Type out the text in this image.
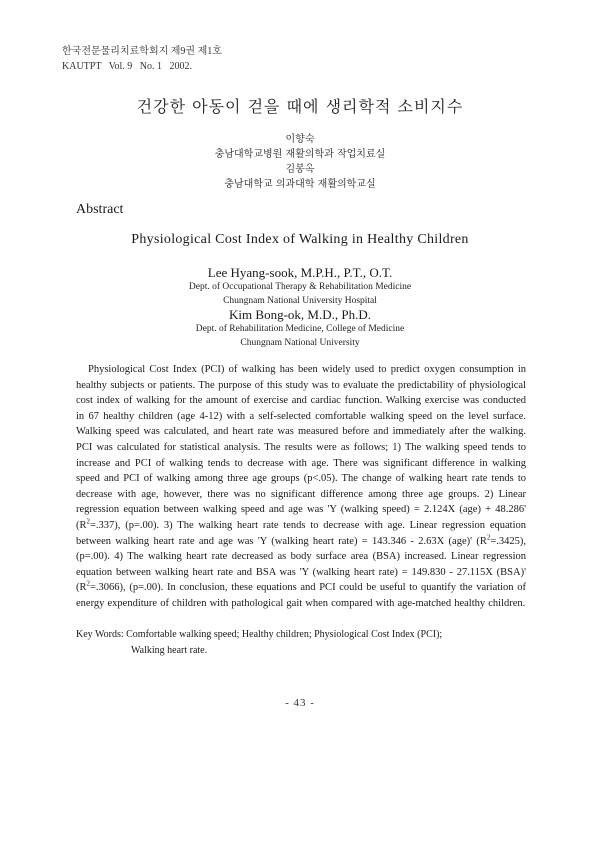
한국전문물리치료학회지 제9권 제1호
KAUTPT   Vol. 9   No. 1   2002.
건강한 아동이 걷을 때에 생리학적 소비지수
이향숙
충남대학교병원 재활의학과 작업치료실
김봉옥
충남대학교 의과대학 재활의학교실
Abstract
Physiological Cost Index of Walking in Healthy Children
Lee Hyang-sook, M.P.H., P.T., O.T.
Dept. of Occupational Therapy & Rehabilitation Medicine
Chungnam National University Hospital
Kim Bong-ok, M.D., Ph.D.
Dept. of Rehabilitation Medicine, College of Medicine
Chungnam National University
Physiological Cost Index (PCI) of walking has been widely used to predict oxygen consumption in healthy subjects or patients. The purpose of this study was to evaluate the predictability of physiological cost index of walking for the amount of exercise and cardiac function. Walking exercise was conducted in 67 healthy children (age 4-12) with a self-selected comfortable walking speed on the level surface. Walking speed was calculated, and heart rate was measured before and immediately after the walking. PCI was calculated for statistical analysis. The results were as follows; 1) The walking speed tends to increase and PCI of walking tends to decrease with age. There was significant difference in walking speed and PCI of walking among three age groups (p<.05). The change of walking heart rate tends to decrease with age, however, there was no significant difference among three age groups. 2) Linear regression equation between walking speed and age was 'Y (walking speed) = 2.124X (age) + 48.286' $(R^2=.337)$, (p=.00). 3) The walking heart rate tends to decrease with age. Linear regression equation between walking heart rate and age was 'Y (walking heart rate) = 143.346 - 2.63X (age)' $(R^2=.3425)$, (p=.00). 4) The walking heart rate decreased as body surface area (BSA) increased. Linear regression equation between walking heart rate and BSA was 'Y (walking heart rate) = 149.830 - 27.115X (BSA)' $(R^2=.3066)$, (p=.00). In conclusion, these equations and PCI could be useful to quantify the variation of energy expenditure of children with pathological gait when compared with age-matched healthy children.
Key Words: Comfortable walking speed; Healthy children; Physiological Cost Index (PCI);
Walking heart rate.
- 43 -
